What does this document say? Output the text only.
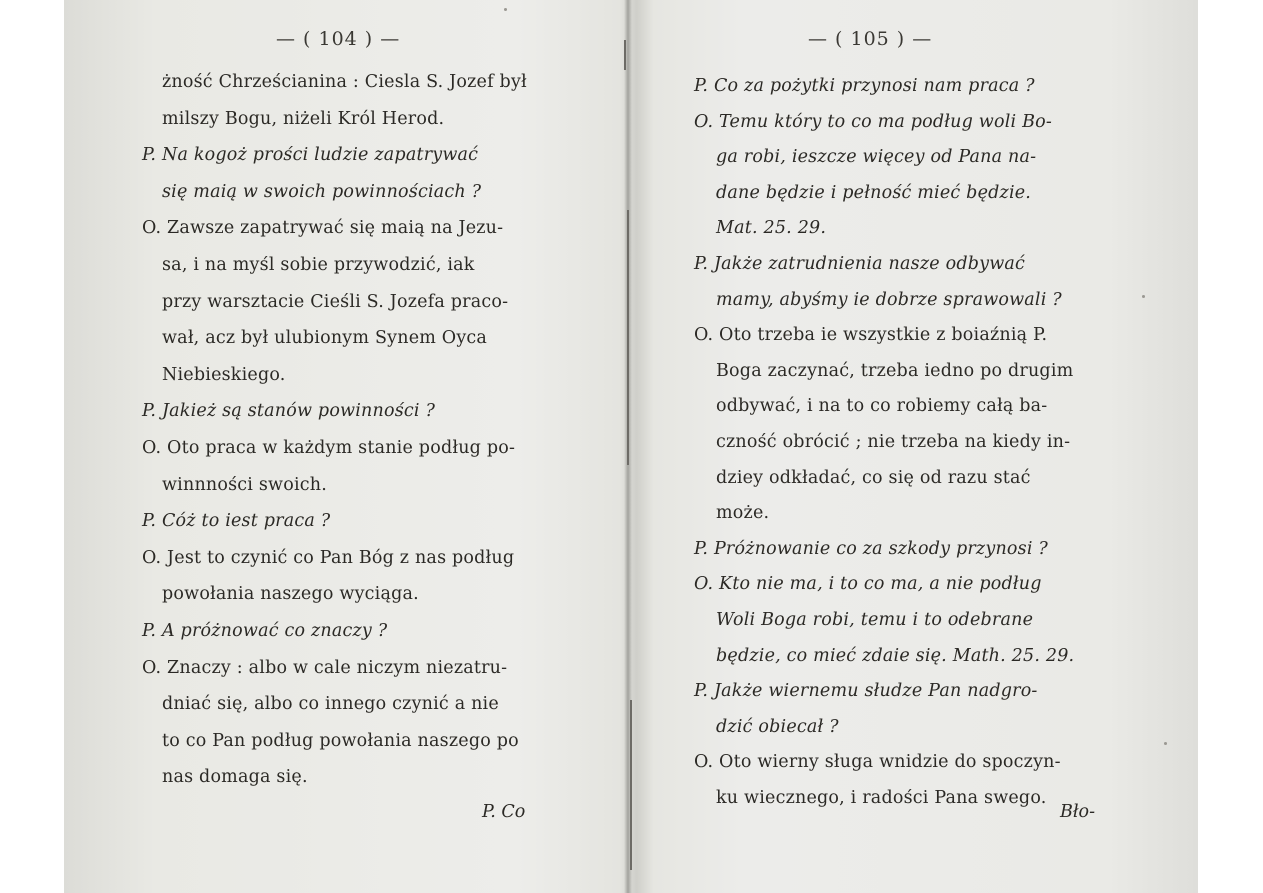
— ( 104 ) —
żność Chrześcianina : Ciesla S. Jozef był
milszy Bogu, niżeli Król Herod.
P. Na kogoż prości ludzie zapatrywać
się maią w swoich powinnościach ?
O. Zawsze zapatrywać się maią na Jezu-
sa, i na myśl sobie przywodzić, iak
przy warsztacie Cieśli S. Jozefa praco-
wał, acz był ulubionym Synem Oyca
Niebieskiego.
P. Jakież są stanów powinności ?
O. Oto praca w każdym stanie podług po-
winnności swoich.
P. Cóż to iest praca ?
O. Jest to czynić co Pan Bóg z nas podług
powołania naszego wyciąga.
P. A próżnować co znaczy ?
O. Znaczy : albo w cale niczym niezatru-
dniać się, albo co innego czynić a nie
to co Pan podług powołania naszego po
nas domaga się.
P. Co
— ( 105 ) —
P. Co za pożytki przynosi nam praca ?
O. Temu który to co ma podług woli Bo-
ga robi, ieszcze więcey od Pana na-
dane będzie i pełność mieć będzie.
Mat. 25. 29.
P. Jakże zatrudnienia nasze odbywać
mamy, abyśmy ie dobrze sprawowali ?
O. Oto trzeba ie wszystkie z boiaźnią P.
Boga zaczynać, trzeba iedno po drugim
odbywać, i na to co robiemy całą ba-
czność obrócić ; nie trzeba na kiedy in-
dziey odkładać, co się od razu stać
może.
P. Próżnowanie co za szkody przynosi ?
O. Kto nie ma, i to co ma, a nie podług
Woli Boga robi, temu i to odebrane
będzie, co mieć zdaie się. Math. 25. 29.
P. Jakże wiernemu słudze Pan nadgro-
dzić obiecał ?
O. Oto wierny sługa wnidzie do spoczyn-
ku wiecznego, i radości Pana swego.
Bło-
